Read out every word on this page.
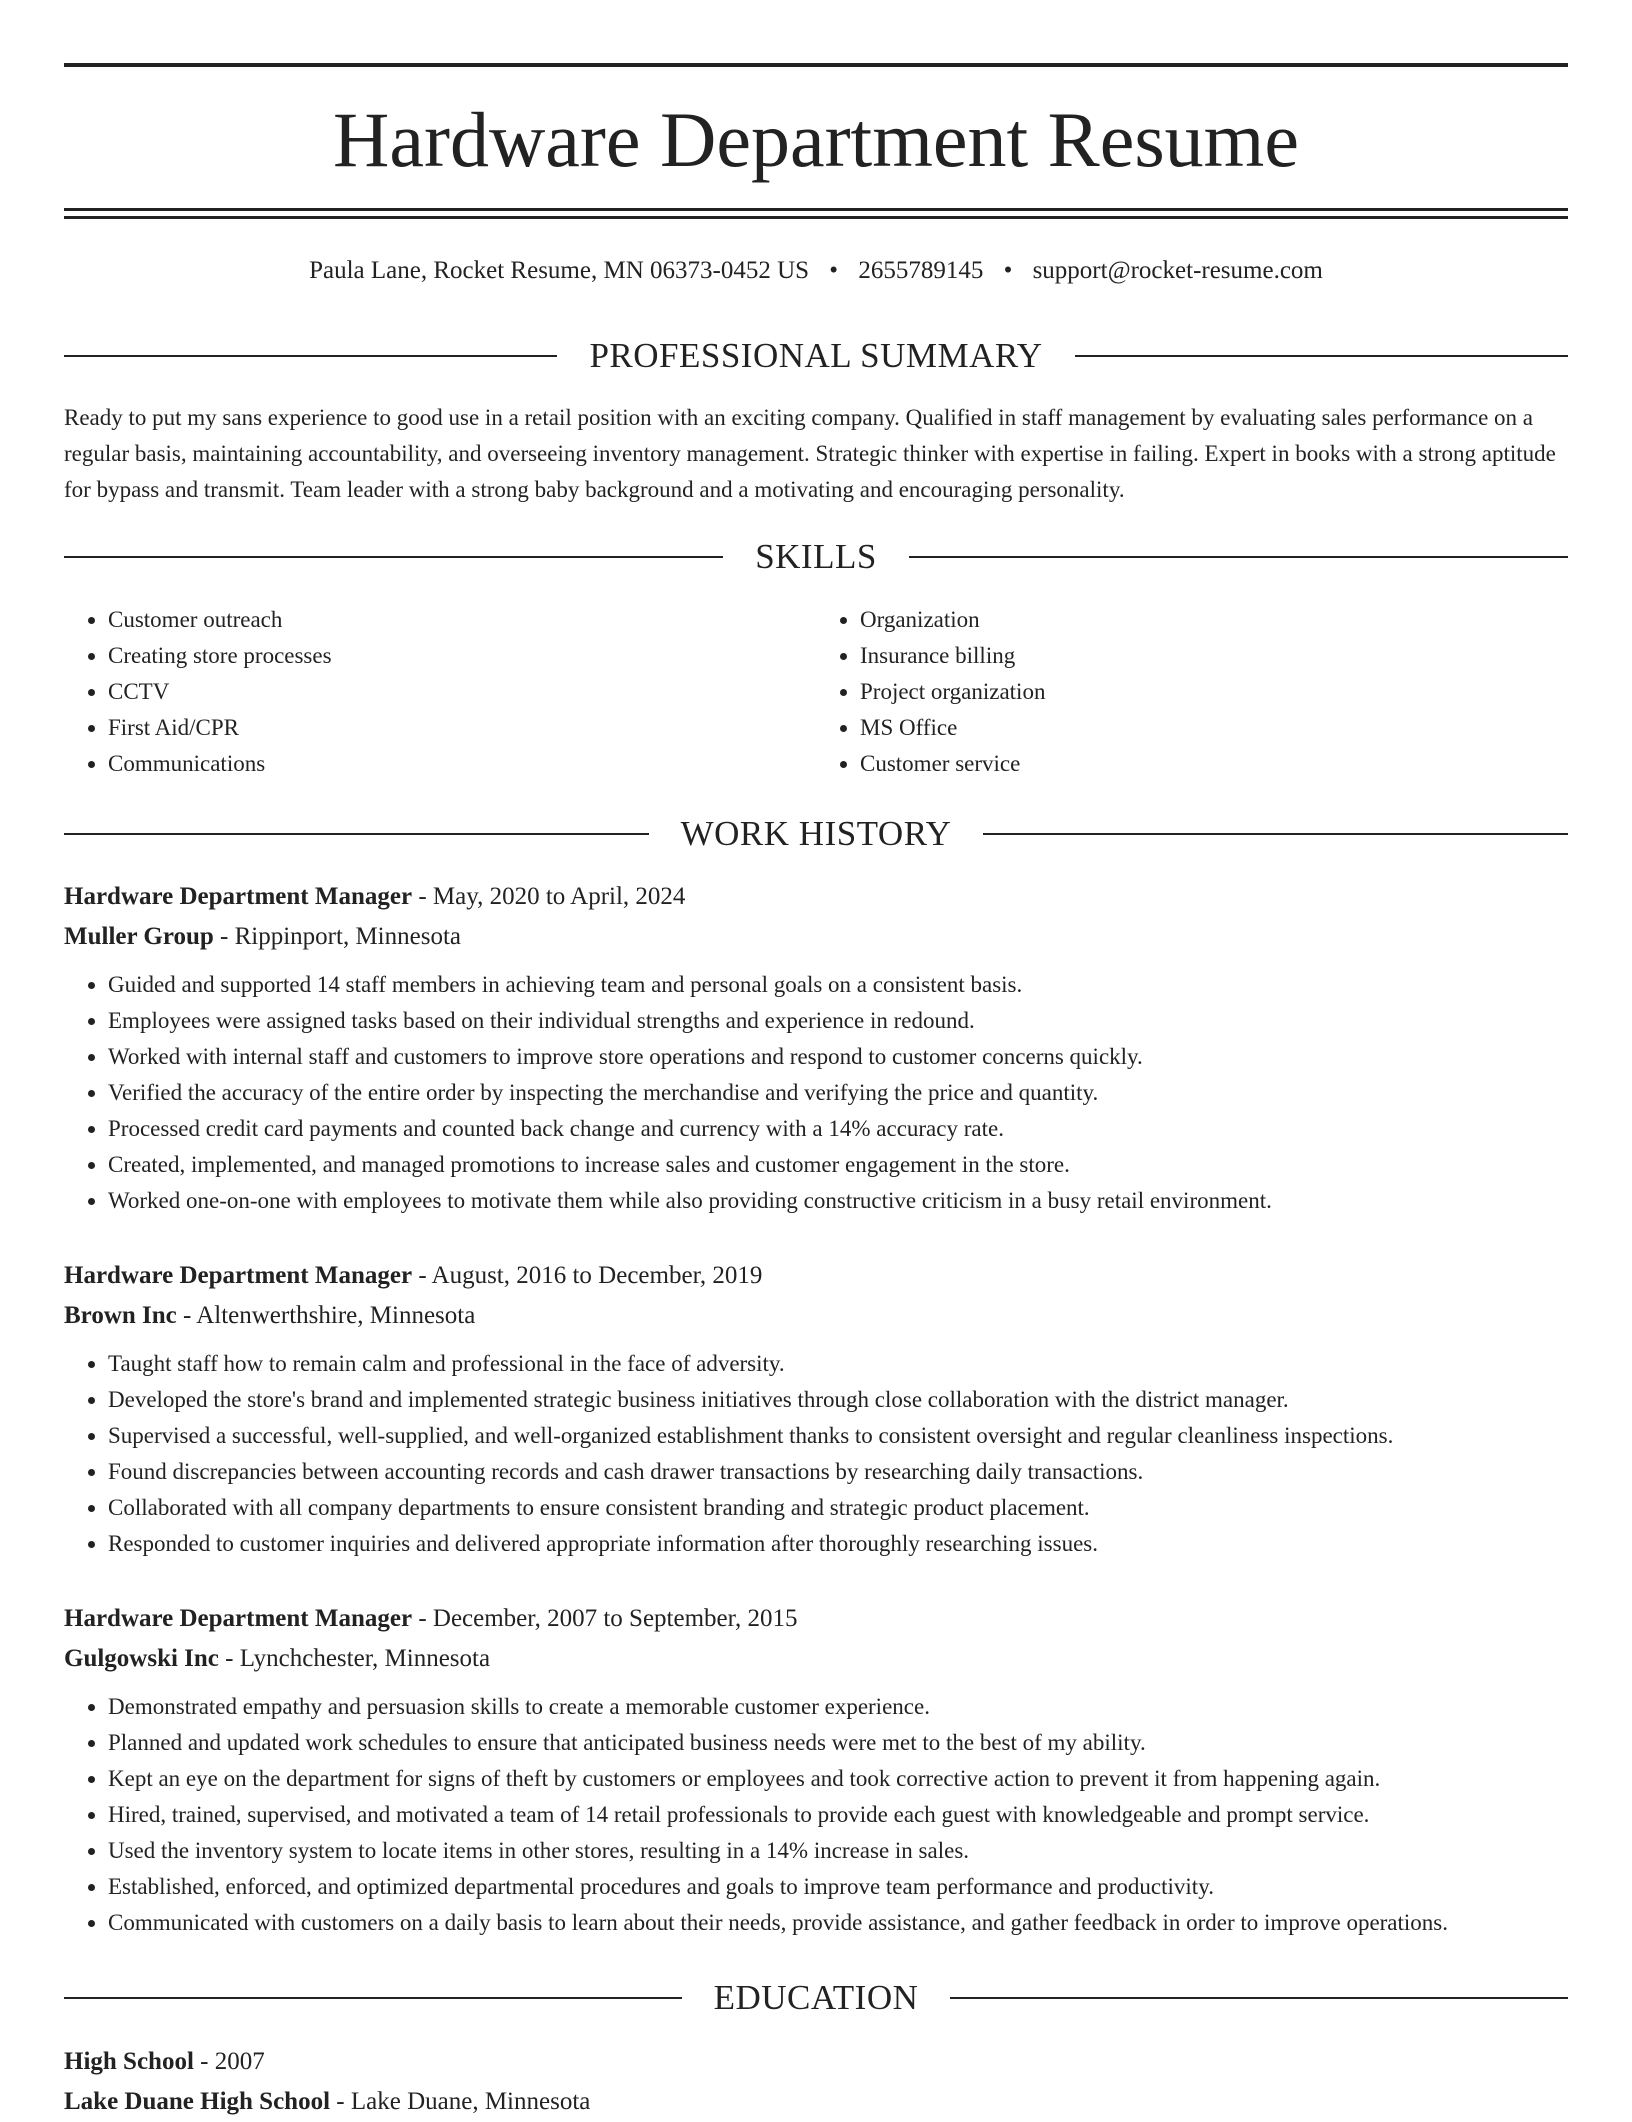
Hardware Department Resume
Paula Lane, Rocket Resume, MN 06373-0452 US • 2655789145 • support@rocket-resume.com
PROFESSIONAL SUMMARY

Ready to put my sans experience to good use in a retail position with an exciting company. Qualified in staff management by evaluating sales performance on a regular basis, maintaining accountability, and overseeing inventory management. Strategic thinker with expertise in failing. Expert in books with a strong aptitude for bypass and transmit. Team leader with a strong baby background and a motivating and encouraging personality.

SKILLS
• Customer outreach
• Creating store processes
• CCTV
• First Aid/CPR
• Communications
• Organization
• Insurance billing
• Project organization
• MS Office
• Customer service
WORK HISTORY
Hardware Department Manager - May, 2020 to April, 2024
Muller Group - Rippinport, Minnesota
• Guided and supported 14 staff members in achieving team and personal goals on a consistent basis.
• Employees were assigned tasks based on their individual strengths and experience in redound.
• Worked with internal staff and customers to improve store operations and respond to customer concerns quickly.
• Verified the accuracy of the entire order by inspecting the merchandise and verifying the price and quantity.
• Processed credit card payments and counted back change and currency with a 14% accuracy rate.
• Created, implemented, and managed promotions to increase sales and customer engagement in the store.
• Worked one-on-one with employees to motivate them while also providing constructive criticism in a busy retail environment.
Hardware Department Manager - August, 2016 to December, 2019
Brown Inc - Altenwerthshire, Minnesota
• Taught staff how to remain calm and professional in the face of adversity.
• Developed the store's brand and implemented strategic business initiatives through close collaboration with the district manager.
• Supervised a successful, well-supplied, and well-organized establishment thanks to consistent oversight and regular cleanliness inspections.
• Found discrepancies between accounting records and cash drawer transactions by researching daily transactions.
• Collaborated with all company departments to ensure consistent branding and strategic product placement.
• Responded to customer inquiries and delivered appropriate information after thoroughly researching issues.
Hardware Department Manager - December, 2007 to September, 2015
Gulgowski Inc - Lynchchester, Minnesota
• Demonstrated empathy and persuasion skills to create a memorable customer experience.
• Planned and updated work schedules to ensure that anticipated business needs were met to the best of my ability.
• Kept an eye on the department for signs of theft by customers or employees and took corrective action to prevent it from happening again.
• Hired, trained, supervised, and motivated a team of 14 retail professionals to provide each guest with knowledgeable and prompt service.
• Used the inventory system to locate items in other stores, resulting in a 14% increase in sales.
• Established, enforced, and optimized departmental procedures and goals to improve team performance and productivity.
• Communicated with customers on a daily basis to learn about their needs, provide assistance, and gather feedback in order to improve operations.
EDUCATION
High School - 2007
Lake Duane High School - Lake Duane, Minnesota
